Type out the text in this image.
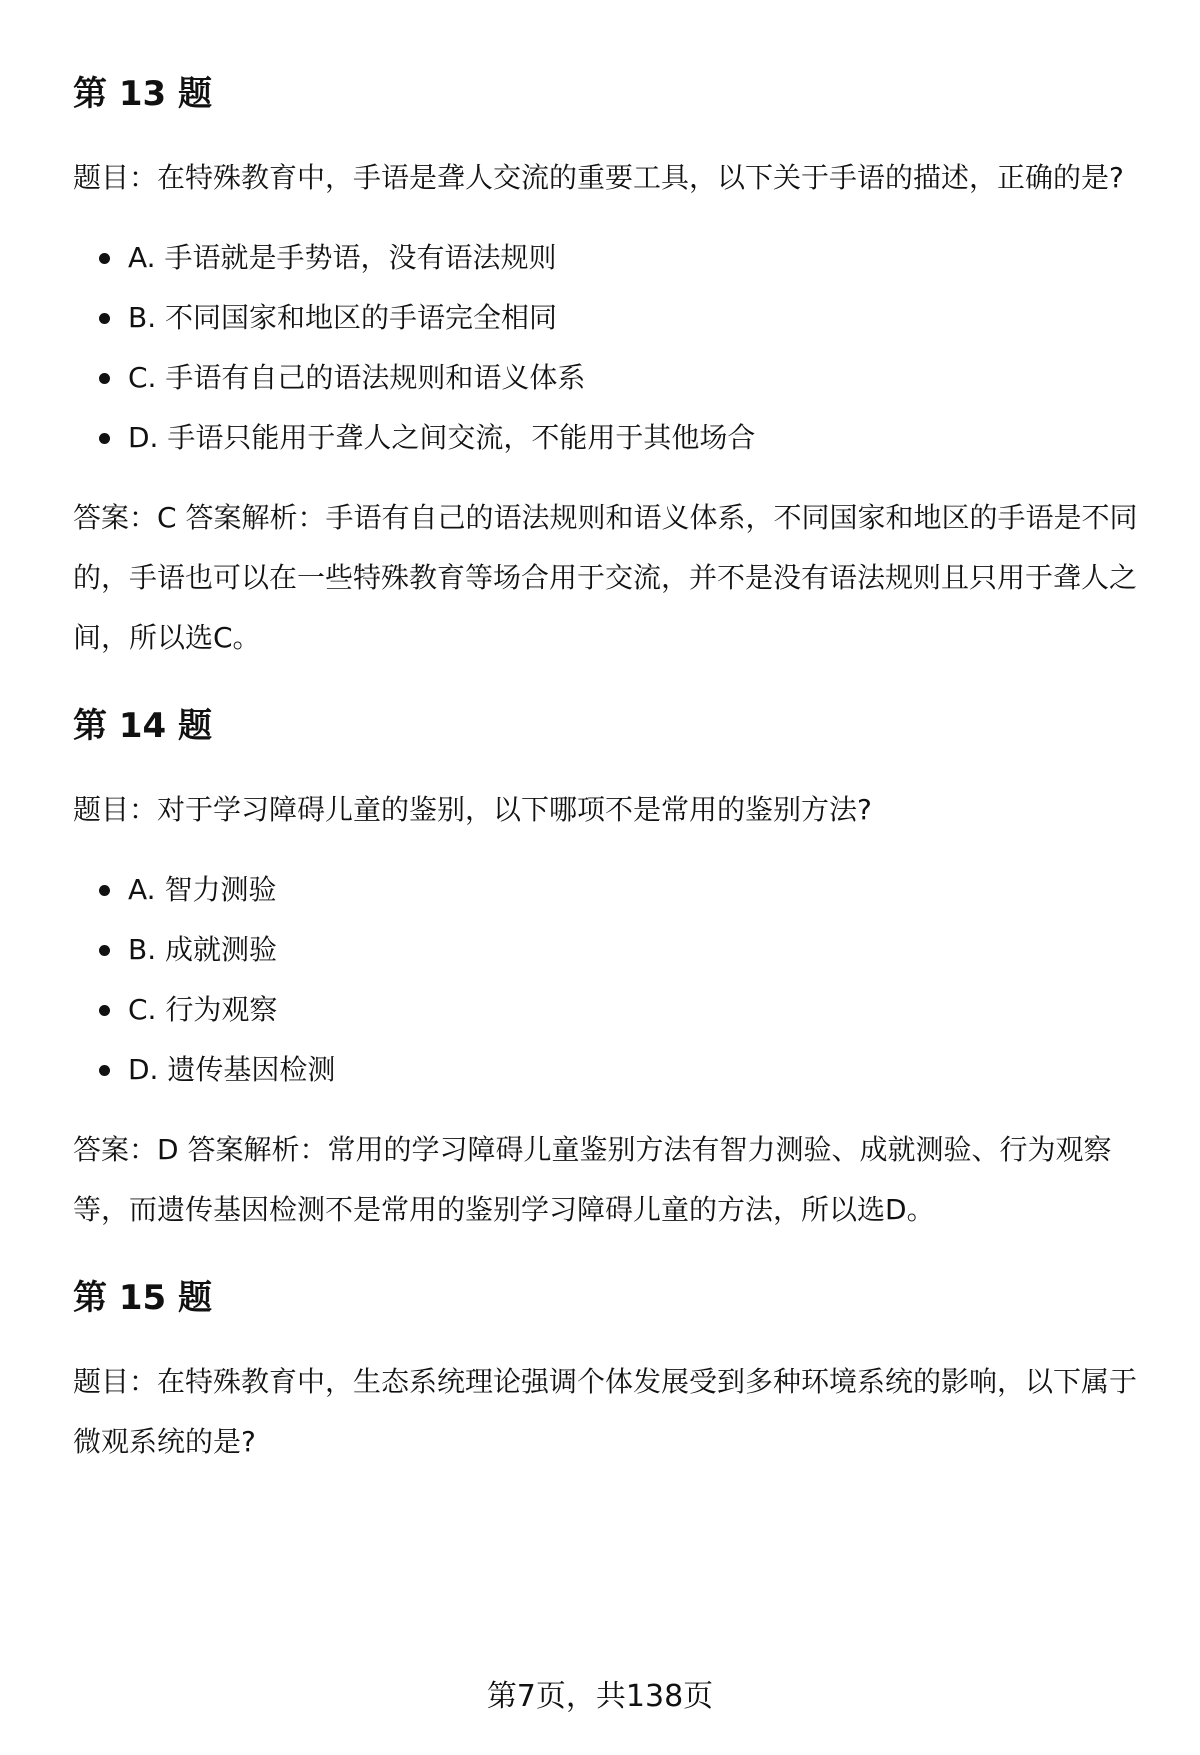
第 13 题

题目：在特殊教育中，手语是聋人交流的重要工具，以下关于手语的描述，正确的是?

A. 手语就是手势语，没有语法规则
B. 不同国家和地区的手语完全相同
C. 手语有自己的语法规则和语义体系
D. 手语只能用于聋人之间交流，不能用于其他场合

答案：C 答案解析：手语有自己的语法规则和语义体系，不同国家和地区的手语是不同的，手语也可以在一些特殊教育等场合用于交流，并不是没有语法规则且只用于聋人之间，所以选C。

第 14 题

题目：对于学习障碍儿童的鉴别，以下哪项不是常用的鉴别方法?

A. 智力测验
B. 成就测验
C. 行为观察
D. 遗传基因检测

答案：D 答案解析：常用的学习障碍儿童鉴别方法有智力测验、成就测验、行为观察等，而遗传基因检测不是常用的鉴别学习障碍儿童的方法，所以选D。

第 15 题

题目：在特殊教育中，生态系统理论强调个体发展受到多种环境系统的影响，以下属于微观系统的是?

第7页，共138页
